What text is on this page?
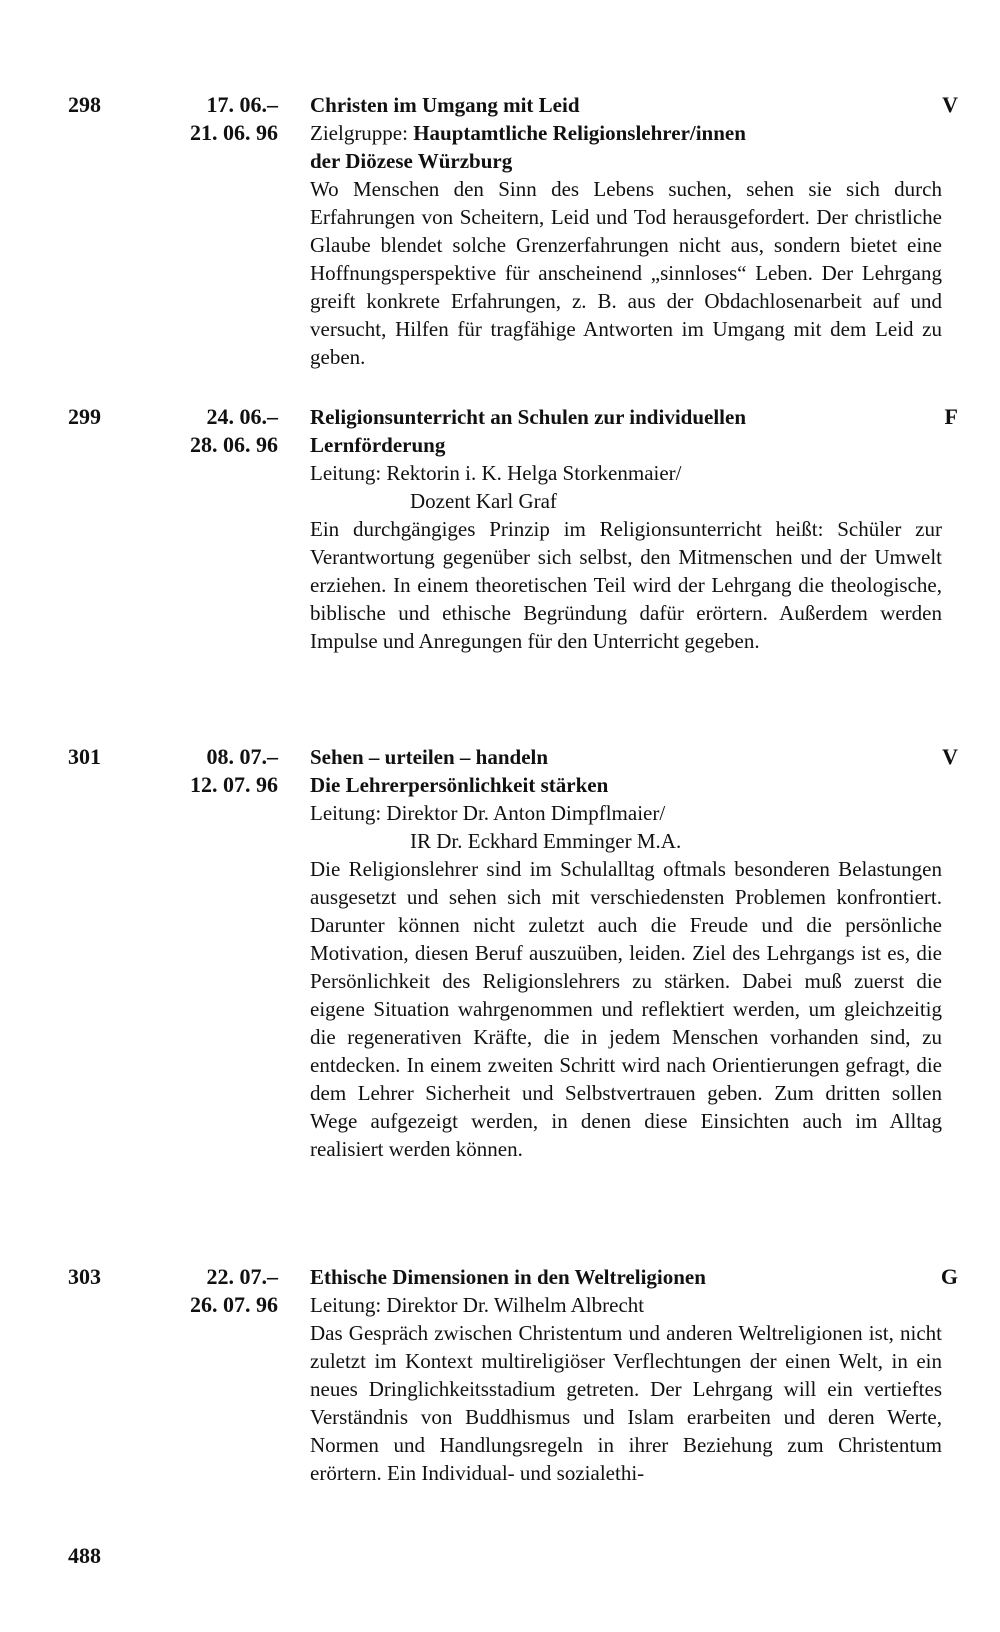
298	17. 06.–
21. 06. 96
Christen im Umgang mit Leid
Zielgruppe: Hauptamtliche Religionslehrer/innen
der Diözese Würzburg
Wo Menschen den Sinn des Lebens suchen, sehen sie sich durch Erfahrungen von Scheitern, Leid und Tod herausgefordert. Der christliche Glaube blendet solche Grenzerfahrungen nicht aus, sondern bietet eine Hoffnungsperspektive für anscheinend „sinnloses“ Leben. Der Lehrgang greift konkrete Erfahrungen, z. B. aus der Obdachlosenarbeit auf und versucht, Hilfen für tragfähige Antworten im Umgang mit dem Leid zu geben.
V
299	24. 06.–
28. 06. 96
Religionsunterricht an Schulen zur individuellen
Lernförderung
Leitung: Rektorin i. K. Helga Storkenmaier/
Dozent Karl Graf
Ein durchgängiges Prinzip im Religionsunterricht heißt: Schüler zur Verantwortung gegenüber sich selbst, den Mitmenschen und der Umwelt erziehen. In einem theoretischen Teil wird der Lehrgang die theologische, biblische und ethische Begründung dafür erörtern. Außerdem werden Impulse und Anregungen für den Unterricht gegeben.
F
301	08. 07.–
12. 07. 96
Sehen – urteilen – handeln
Die Lehrerpersönlichkeit stärken
Leitung: Direktor Dr. Anton Dimpflmaier/
IR Dr. Eckhard Emminger M.A.
Die Religionslehrer sind im Schulalltag oftmals besonderen Belastungen ausgesetzt und sehen sich mit verschiedensten Problemen konfrontiert. Darunter können nicht zuletzt auch die Freude und die persönliche Motivation, diesen Beruf auszuüben, leiden. Ziel des Lehrgangs ist es, die Persönlichkeit des Religionslehrers zu stärken. Dabei muß zuerst die eigene Situation wahrgenommen und reflektiert werden, um gleichzeitig die regenerativen Kräfte, die in jedem Menschen vorhanden sind, zu entdecken. In einem zweiten Schritt wird nach Orientierungen gefragt, die dem Lehrer Sicherheit und Selbstvertrauen geben. Zum dritten sollen Wege aufgezeigt werden, in denen diese Einsichten auch im Alltag realisiert werden können.
V
303	22. 07.–
26. 07. 96
Ethische Dimensionen in den Weltreligionen
Leitung: Direktor Dr. Wilhelm Albrecht
Das Gespräch zwischen Christentum und anderen Weltreligionen ist, nicht zuletzt im Kontext multireligiöser Verflechtungen der einen Welt, in ein neues Dringlichkeitsstadium getreten. Der Lehrgang will ein vertieftes Verständnis von Buddhismus und Islam erarbeiten und deren Werte, Normen und Handlungsregeln in ihrer Beziehung zum Christentum erörtern. Ein Individual- und sozialethi-
G
488
